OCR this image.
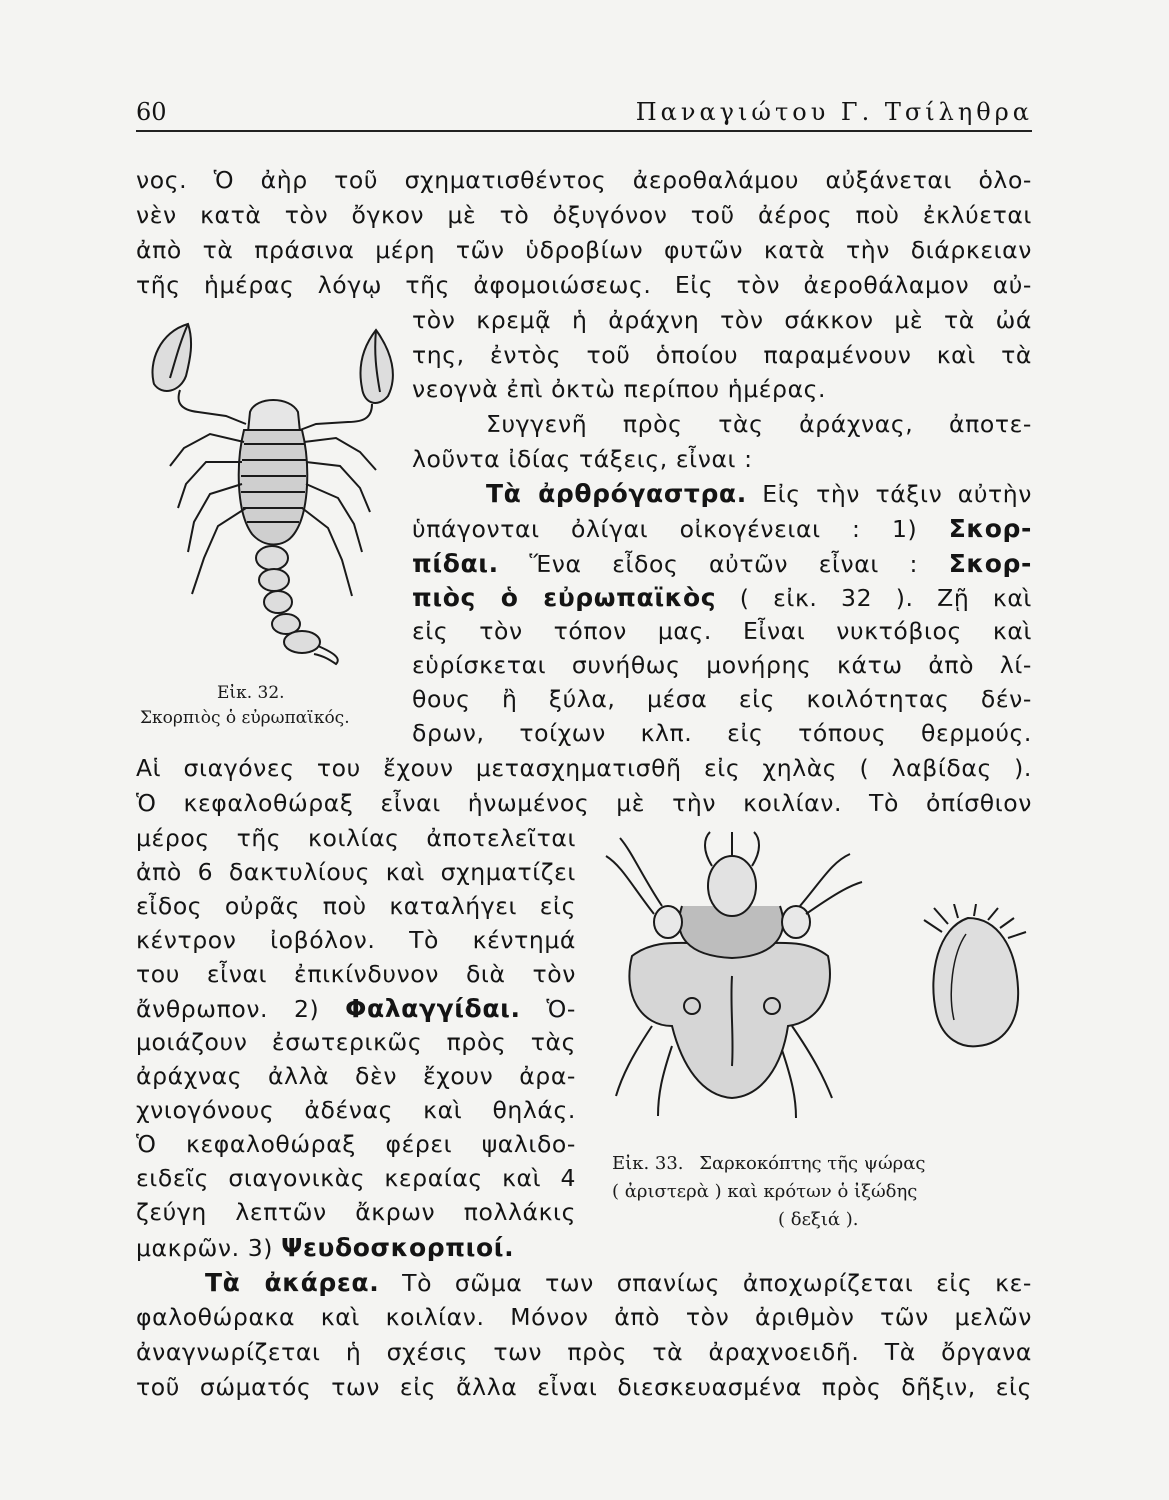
60	Παναγιώτου Γ. Τσίληθρα
νος. Ὁ ἀὴρ τοῦ σχηματισθέντος ἀεροθαλάμου αὐξάνεται ὁλο-
νὲν κατὰ τὸν ὄγκον μὲ τὸ ὀξυγόνον τοῦ ἀέρος ποὺ ἐκλύεται
ἀπὸ τὰ πράσινα μέρη τῶν ὑδροβίων φυτῶν κατὰ τὴν διάρκειαν
τῆς ἡμέρας λόγῳ τῆς ἀφομοιώσεως. Εἰς τὸν ἀεροθάλαμον αὐ-
τὸν κρεμᾷ ἡ ἀράχνη τὸν σάκκον μὲ τὰ ὠά
της, ἐντὸς τοῦ ὁποίου παραμένουν καὶ τὰ
νεογνὰ ἐπὶ ὀκτὼ περίπου ἡμέρας.
Συγγενῆ πρὸς τὰς ἀράχνας, ἀποτε-
λοῦντα ἰδίας τάξεις, εἶναι :
Τὰ ἀρθρόγαστρα. Εἰς τὴν τάξιν αὐτὴν
ὑπάγονται ὀλίγαι οἰκογένειαι : 1) Σκορ-
πίδαι. Ἕνα εἶδος αὐτῶν εἶναι : Σκορ-
πιὸς ὁ εὐρωπαϊκὸς ( εἰκ. 32 ). Ζῇ καὶ
εἰς τὸν τόπον μας. Εἶναι νυκτόβιος καὶ
εὑρίσκεται συνήθως μονήρης κάτω ἀπὸ λί-
θους ἢ ξύλα, μέσα εἰς κοιλότητας δέν-
δρων, τοίχων κλπ. εἰς τόπους θερμούς.
Εἰκ. 32.
Σκορπιὸς ὁ εὐρωπαϊκός.
Αἱ σιαγόνες του ἔχουν μετασχηματισθῆ εἰς χηλὰς ( λαβίδας ).
Ὁ κεφαλοθώραξ εἶναι ἡνωμένος μὲ τὴν κοιλίαν. Τὸ ὀπίσθιον
μέρος τῆς κοιλίας ἀποτελεῖται
ἀπὸ 6 δακτυλίους καὶ σχηματίζει
εἶδος οὐρᾶς ποὺ καταλήγει εἰς
κέντρον ἰοβόλον. Τὸ κέντημά
του εἶναι ἐπικίνδυνον διὰ τὸν
ἄνθρωπον. 2) Φαλαγγίδαι. Ὁ-
μοιάζουν ἐσωτερικῶς πρὸς τὰς
ἀράχνας ἀλλὰ δὲν ἔχουν ἀρα-
χνιογόνους ἀδένας καὶ θηλάς.
Ὁ κεφαλοθώραξ φέρει ψαλιδο-
ειδεῖς σιαγονικὰς κεραίας καὶ 4
ζεύγη λεπτῶν ἄκρων πολλάκις
μακρῶν. 3) Ψευδοσκορπιοί.
Εἰκ. 33. Σαρκοκόπτης τῆς ψώρας
( ἀριστερὰ ) καὶ κρότων ὁ ἰξώδης
( δεξιά ).
Τὰ ἀκάρεα. Τὸ σῶμα των σπανίως ἀποχωρίζεται εἰς κε-
φαλοθώρακα καὶ κοιλίαν. Μόνον ἀπὸ τὸν ἀριθμὸν τῶν μελῶν
ἀναγνωρίζεται ἡ σχέσις των πρὸς τὰ ἀραχνοειδῆ. Τὰ ὄργανα
τοῦ σώματός των εἰς ἄλλα εἶναι διεσκευασμένα πρὸς δῆξιν, εἰς
